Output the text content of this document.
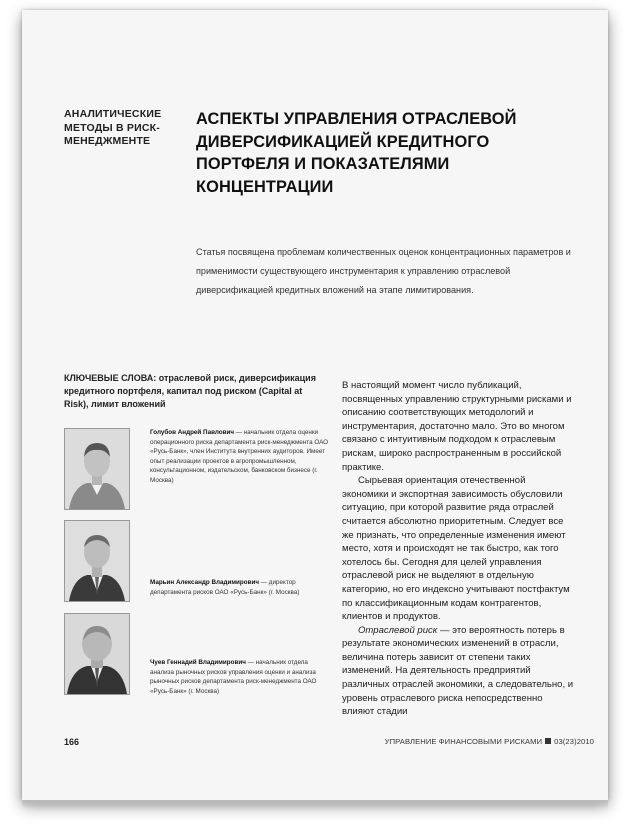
АНАЛИТИЧЕСКИЕ МЕТОДЫ В РИСК-МЕНЕДЖМЕНТЕ
АСПЕКТЫ УПРАВЛЕНИЯ ОТРАСЛЕВОЙ ДИВЕРСИФИКАЦИЕЙ КРЕДИТНОГО ПОРТФЕЛЯ И ПОКАЗАТЕЛЯМИ КОНЦЕНТРАЦИИ
Статья посвящена проблемам количественных оценок концентрационных параметров и применимости существующего инструментария к управлению отраслевой диверсификацией кредитных вложений на этапе лимитирования.
КЛЮЧЕВЫЕ СЛОВА: отраслевой риск, диверсификация кредитного портфеля, капитал под риском (Capital at Risk), лимит вложений
Голубов Андрей Павлович — начальник отдела оценки операционного риска департамента риск-менеджмента ОАО «Русь-Банк», член Института внутренних аудиторов. Имеет опыт реализации проектов в агропромышленном, консультационном, издательском, банковском бизнесе (г. Москва)
Марьин Александр Владимирович — директор департамента рисков ОАО «Русь-Банк» (г. Москва)
Чуев Геннадий Владимирович — начальник отдела анализа рыночных рисков управления оценки и анализа рыночных рисков департамента риск-менеджмента ОАО «Русь-Банк» (г. Москва)

В настоящий момент число публикаций, посвященных управлению структурными рисками и описанию соответствующих методологий и инструментария, достаточно мало. Это во многом связано с интуитивным подходом к отраслевым рискам, широко распространенным в российской практике.

Сырьевая ориентация отечественной экономики и экспортная зависимость обусловили ситуацию, при которой развитие ряда отраслей считается абсолютно приоритетным. Следует все же признать, что определенные изменения имеют место, хотя и происходят не так быстро, как того хотелось бы. Сегодня для целей управления отраслевой риск не выделяют в отдельную категорию, но его индексно учитывают постфактум по классификационным кодам контрагентов, клиентов и продуктов.

Отраслевой риск — это вероятность потерь в результате экономических изменений в отрасли, величина потерь зависит от степени таких изменений. На деятельность предприятий различных отраслей экономики, а следовательно, и уровень отраслевого риска непосредственно влияют стадии

166	УПРАВЛЕНИЕ ФИНАНСОВЫМИ РИСКАМИ 03(23)2010
